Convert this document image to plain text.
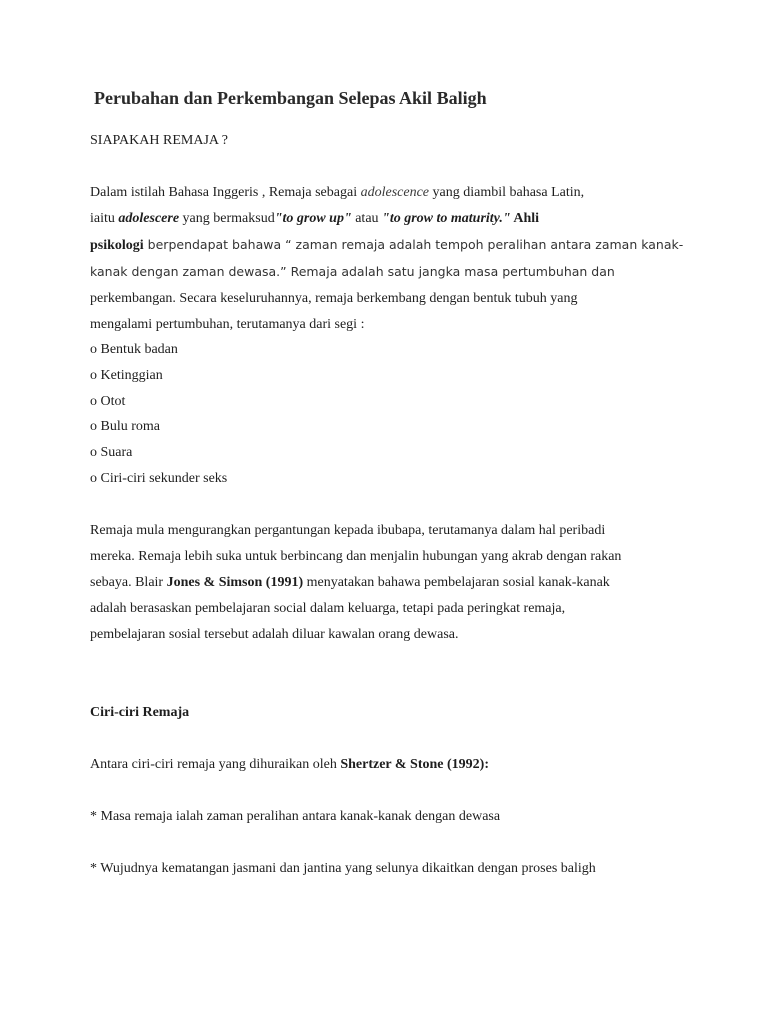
Perubahan dan Perkembangan Selepas Akil Baligh

SIAPAKAH REMAJA ?

Dalam istilah Bahasa Inggeris , Remaja sebagai adolescence yang diambil bahasa Latin,
iaitu adolescere yang bermaksud"to grow up" atau "to grow to maturity." Ahli
psikologi berpendapat bahawa “ zaman remaja adalah tempoh peralihan antara zaman kanak-
kanak dengan zaman dewasa.” Remaja adalah satu jangka masa pertumbuhan dan
perkembangan. Secara keseluruhannya, remaja berkembang dengan bentuk tubuh yang
mengalami pertumbuhan, terutamanya dari segi :
o Bentuk badan
o Ketinggian
o Otot
o Bulu roma
o Suara
o Ciri-ciri sekunder seks
Remaja mula mengurangkan pergantungan kepada ibubapa, terutamanya dalam hal peribadi
mereka. Remaja lebih suka untuk berbincang dan menjalin hubungan yang akrab dengan rakan
sebaya. Blair Jones & Simson (1991) menyatakan bahawa pembelajaran sosial kanak-kanak
adalah berasaskan pembelajaran social dalam keluarga, tetapi pada peringkat remaja,
pembelajaran sosial tersebut adalah diluar kawalan orang dewasa.

Ciri-ciri Remaja

Antara ciri-ciri remaja yang dihuraikan oleh Shertzer & Stone (1992):

* Masa remaja ialah zaman peralihan antara kanak-kanak dengan dewasa

* Wujudnya kematangan jasmani dan jantina yang selunya dikaitkan dengan proses baligh
